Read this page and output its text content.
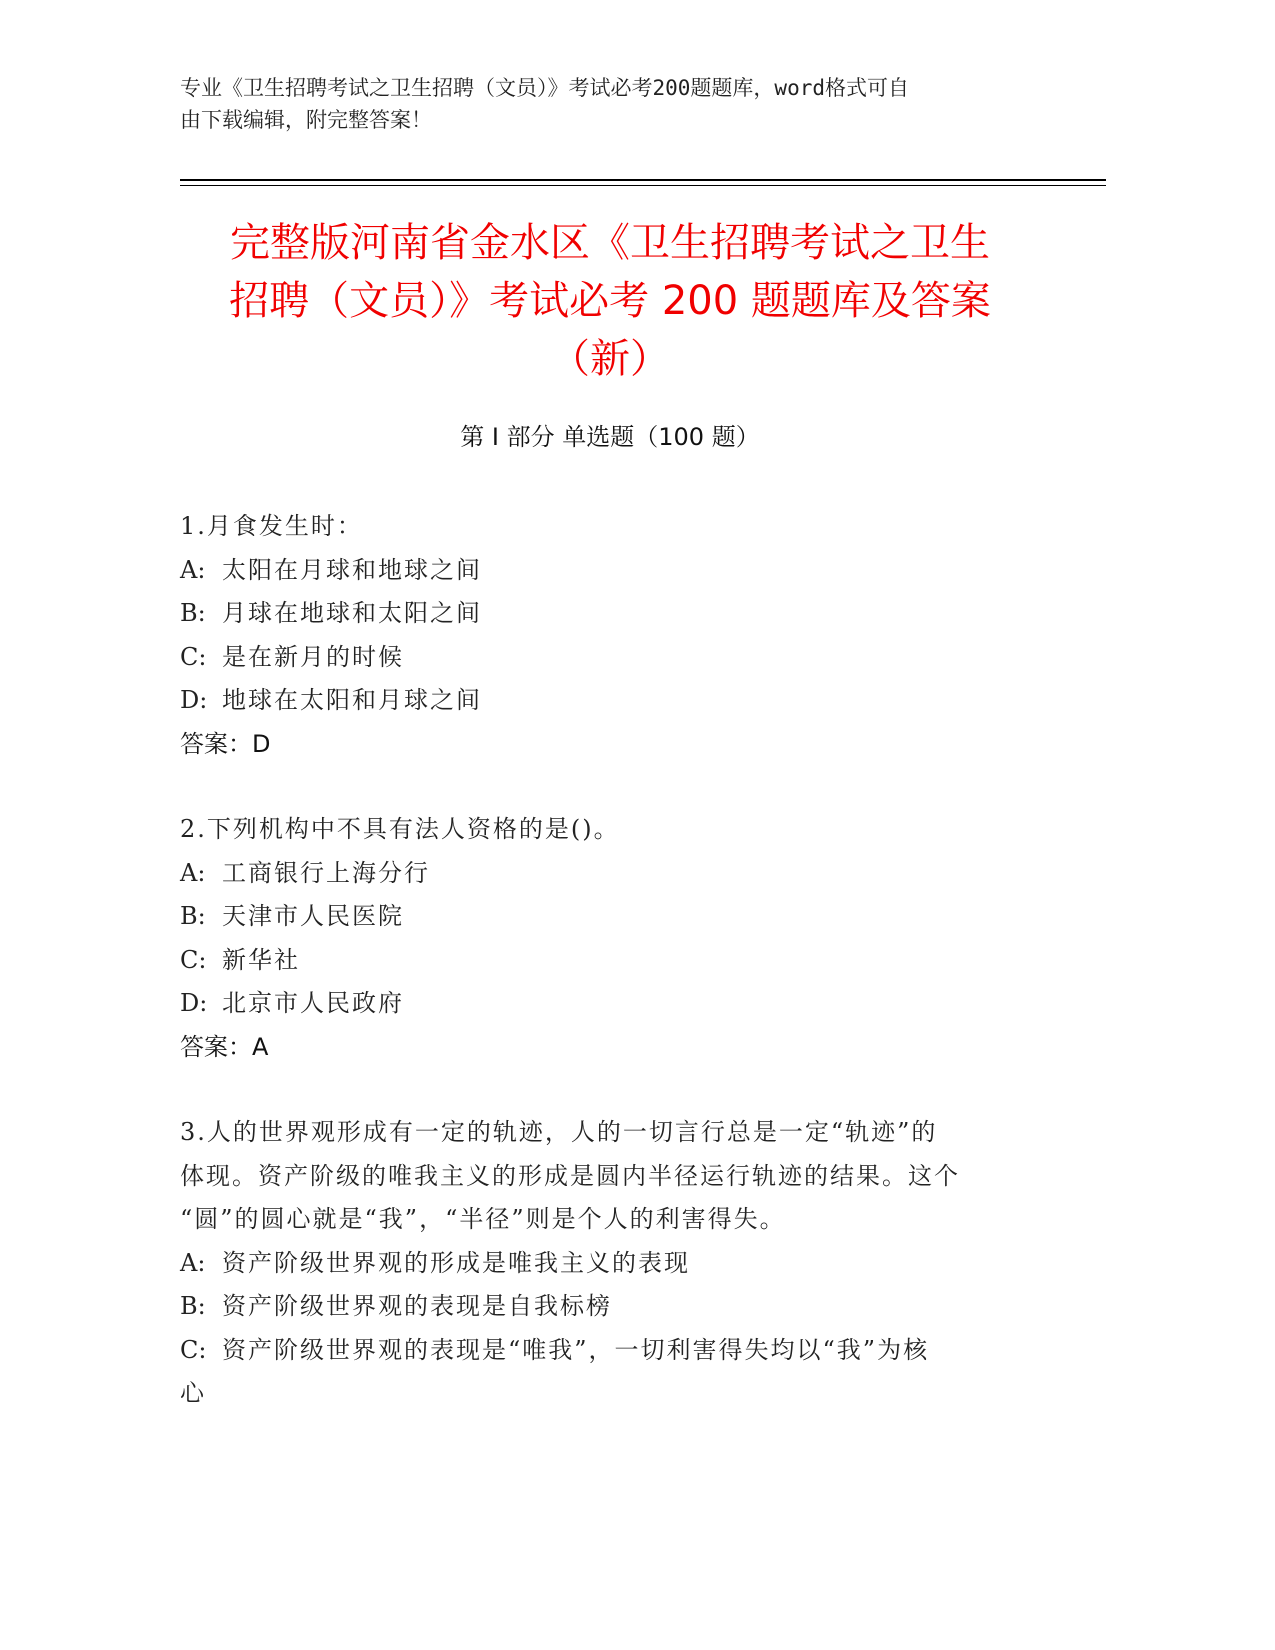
专业《卫生招聘考试之卫生招聘（文员）》考试必考200题题库，word格式可自
由下载编辑，附完整答案！
完整版河南省金水区《卫生招聘考试之卫生
招聘（文员）》考试必考 200 题题库及答案
（新）
第 I 部分 单选题（100 题）

1.月食发生时：

A: 太阳在月球和地球之间

B: 月球在地球和太阳之间

C: 是在新月的时候

D: 地球在太阳和月球之间

答案：D

2.下列机构中不具有法人资格的是()。

A: 工商银行上海分行

B: 天津市人民医院

C: 新华社

D: 北京市人民政府

答案：A

3.人的世界观形成有一定的轨迹，人的一切言行总是一定“轨迹”的

体现。资产阶级的唯我主义的形成是圆内半径运行轨迹的结果。这个

“圆”的圆心就是“我”，“半径”则是个人的利害得失。

A: 资产阶级世界观的形成是唯我主义的表现

B: 资产阶级世界观的表现是自我标榜

C: 资产阶级世界观的表现是“唯我”，一切利害得失均以“我”为核

心
